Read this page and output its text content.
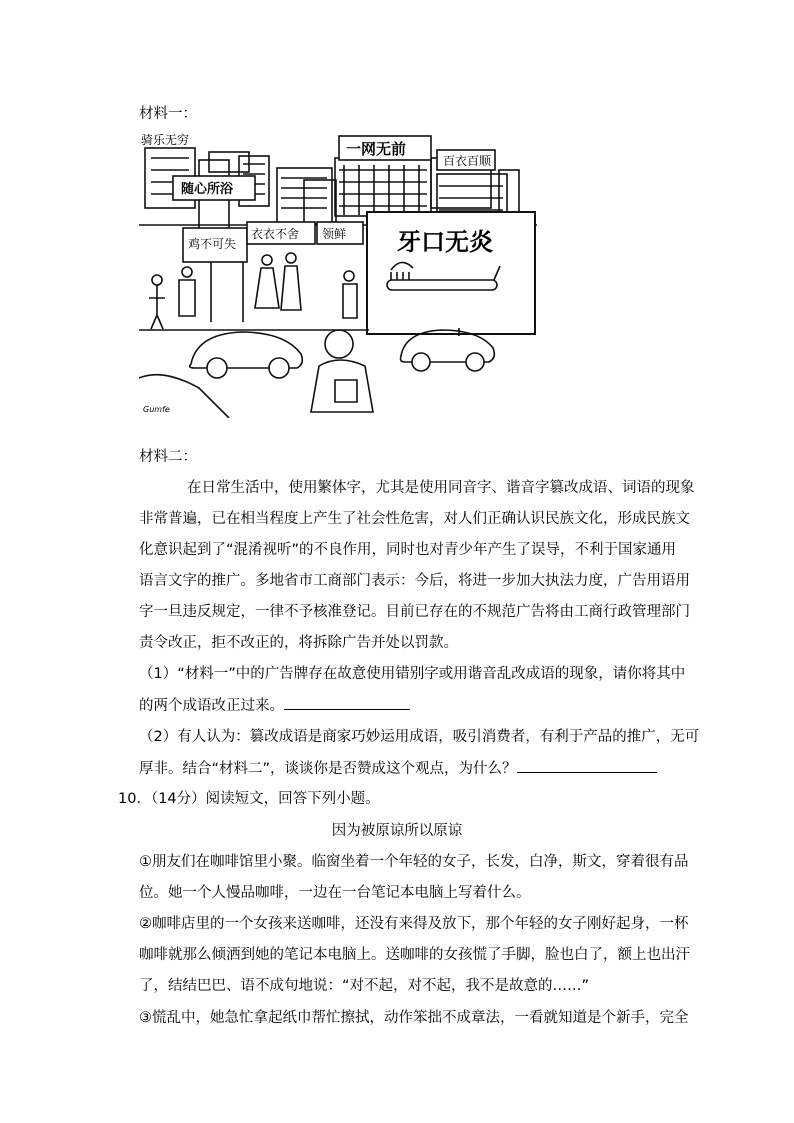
材料一：
骑乐无穷	一网无前
百衣百顺
随心所浴
鸡不可失
衣衣不舍 领鲜 牙口无炎
Gumfe
材料二：
在日常生活中，使用繁体字，尤其是使用同音字、谐音字篡改成语、词语的现象
非常普遍，已在相当程度上产生了社会性危害，对人们正确认识民族文化，形成民族文
化意识起到了“混淆视听”的不良作用，同时也对青少年产生了误导，不利于国家通用
语言文字的推广。多地省市工商部门表示：今后，将进一步加大执法力度，广告用语用
字一旦违反规定，一律不予核准登记。目前已存在的不规范广告将由工商行政管理部门
责令改正，拒不改正的，将拆除广告并处以罚款。
（1）“材料一”中的广告牌存在故意使用错别字或用谐音乱改成语的现象，请你将其中
的两个成语改正过来。
（2）有人认为：篡改成语是商家巧妙运用成语，吸引消费者，有利于产品的推广，无可
厚非。结合“材料二”，谈谈你是否赞成这个观点，为什么？
10．（14分）阅读短文，回答下列小题。
因为被原谅所以原谅
①朋友们在咖啡馆里小聚。临窗坐着一个年轻的女子，长发，白净，斯文，穿着很有品
位。她一个人慢品咖啡，一边在一台笔记本电脑上写着什么。
②咖啡店里的一个女孩来送咖啡，还没有来得及放下，那个年轻的女子刚好起身，一杯
咖啡就那么倾洒到她的笔记本电脑上。送咖啡的女孩慌了手脚，脸也白了，额上也出汗
了，结结巴巴、语不成句地说：“对不起，对不起，我不是故意的……”
③慌乱中，她急忙拿起纸巾帮忙擦拭，动作笨拙不成章法，一看就知道是个新手，完全
